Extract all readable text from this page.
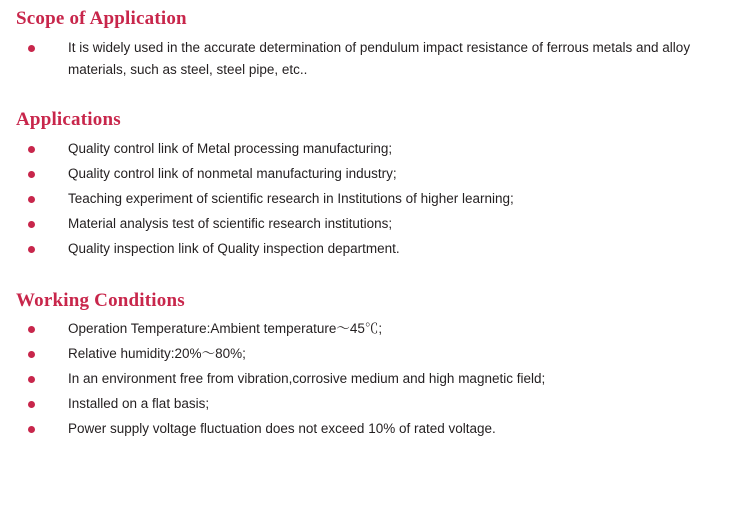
Scope of Application
It is widely used in the accurate determination of pendulum impact resistance of ferrous metals and alloy materials, such as steel, steel pipe, etc..
Applications
Quality control link of Metal processing manufacturing;
Quality control link of nonmetal manufacturing industry;
Teaching experiment of scientific research in Institutions of higher learning;
Material analysis test of scientific research institutions;
Quality inspection link of Quality inspection department.
Working Conditions
Operation Temperature:Ambient temperature～45℃;
Relative humidity:20%～80%;
In an environment free from vibration,corrosive medium and high magnetic field;
Installed on a flat basis;
Power supply voltage fluctuation does not exceed 10% of rated voltage.
